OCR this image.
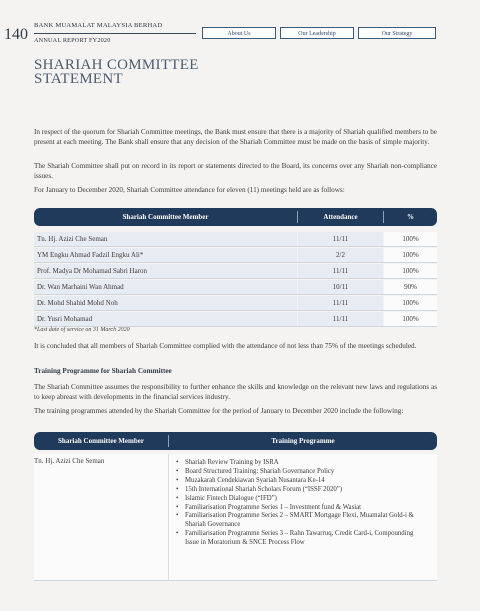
140
BANK MUAMALAT MALAYSIA BERHAD
ANNUAL REPORT FY2020
About Us	Our Leadership	Our Strategy
SHARIAH COMMITTEE
STATEMENT
In respect of the quorum for Shariah Committee meetings, the Bank must ensure that there is a majority of Shariah qualified members to be present at each meeting. The Bank shall ensure that any decision of the Shariah Committee must be made on the basis of simple majority.
The Shariah Committee shall put on record in its report or statements directed to the Board, its concerns over any Shariah non-compliance issues.
For January to December 2020, Shariah Committee attendance for eleven (11) meetings held are as follows:
Shariah Committee Member	Attendance	%
Tn. Hj. Azizi Che Seman	11/11	100%
YM Engku Ahmad Fadzil Engku Ali*	2/2	100%
Prof. Madya Dr Mohamad Sabri Haron	11/11	100%
Dr. Wan Marhaini Wan Ahmad	10/11	90%
Dr. Mohd Shahid Mohd Noh	11/11	100%
Dr. Yusri Mohamad	11/11	100%
*Last date of service on 31 March 2020
It is concluded that all members of Shariah Committee complied with the attendance of not less than 75% of the meetings scheduled.
Training Programme for Shariah Committee
The Shariah Committee assumes the responsibility to further enhance the skills and knowledge on the relevant new laws and regulations as to keep abreast with developments in the financial services industry.
The training programmes attended by the Shariah Committee for the period of January to December 2020 include the following:
Shariah Committee Member	Training Programme
Tn. Hj. Azizi Che Seman
•	Shariah Review Training by ISRA
• Board Structured Training: Shariah Governance Policy
• Muzakarah Cendekiawan Syariah Nusantara Ke-14
• 15th International Shariah Scholars Forum (“ISSF 2020”)
• Islamic Fintech Dialogue (“IFD”)
• Familiarisation Programme Series 1 – Investment fund & Wasiat
• Familiarisation Programme Series 2 – SMART Mortgage Flexi, Muamalat Gold-i & Shariah Governance
• Familiarisation Programme Series 3 – Rahn Tawarruq, Credit Card-i, Compounding Issue in Moratorium & SNCE Process Flow
